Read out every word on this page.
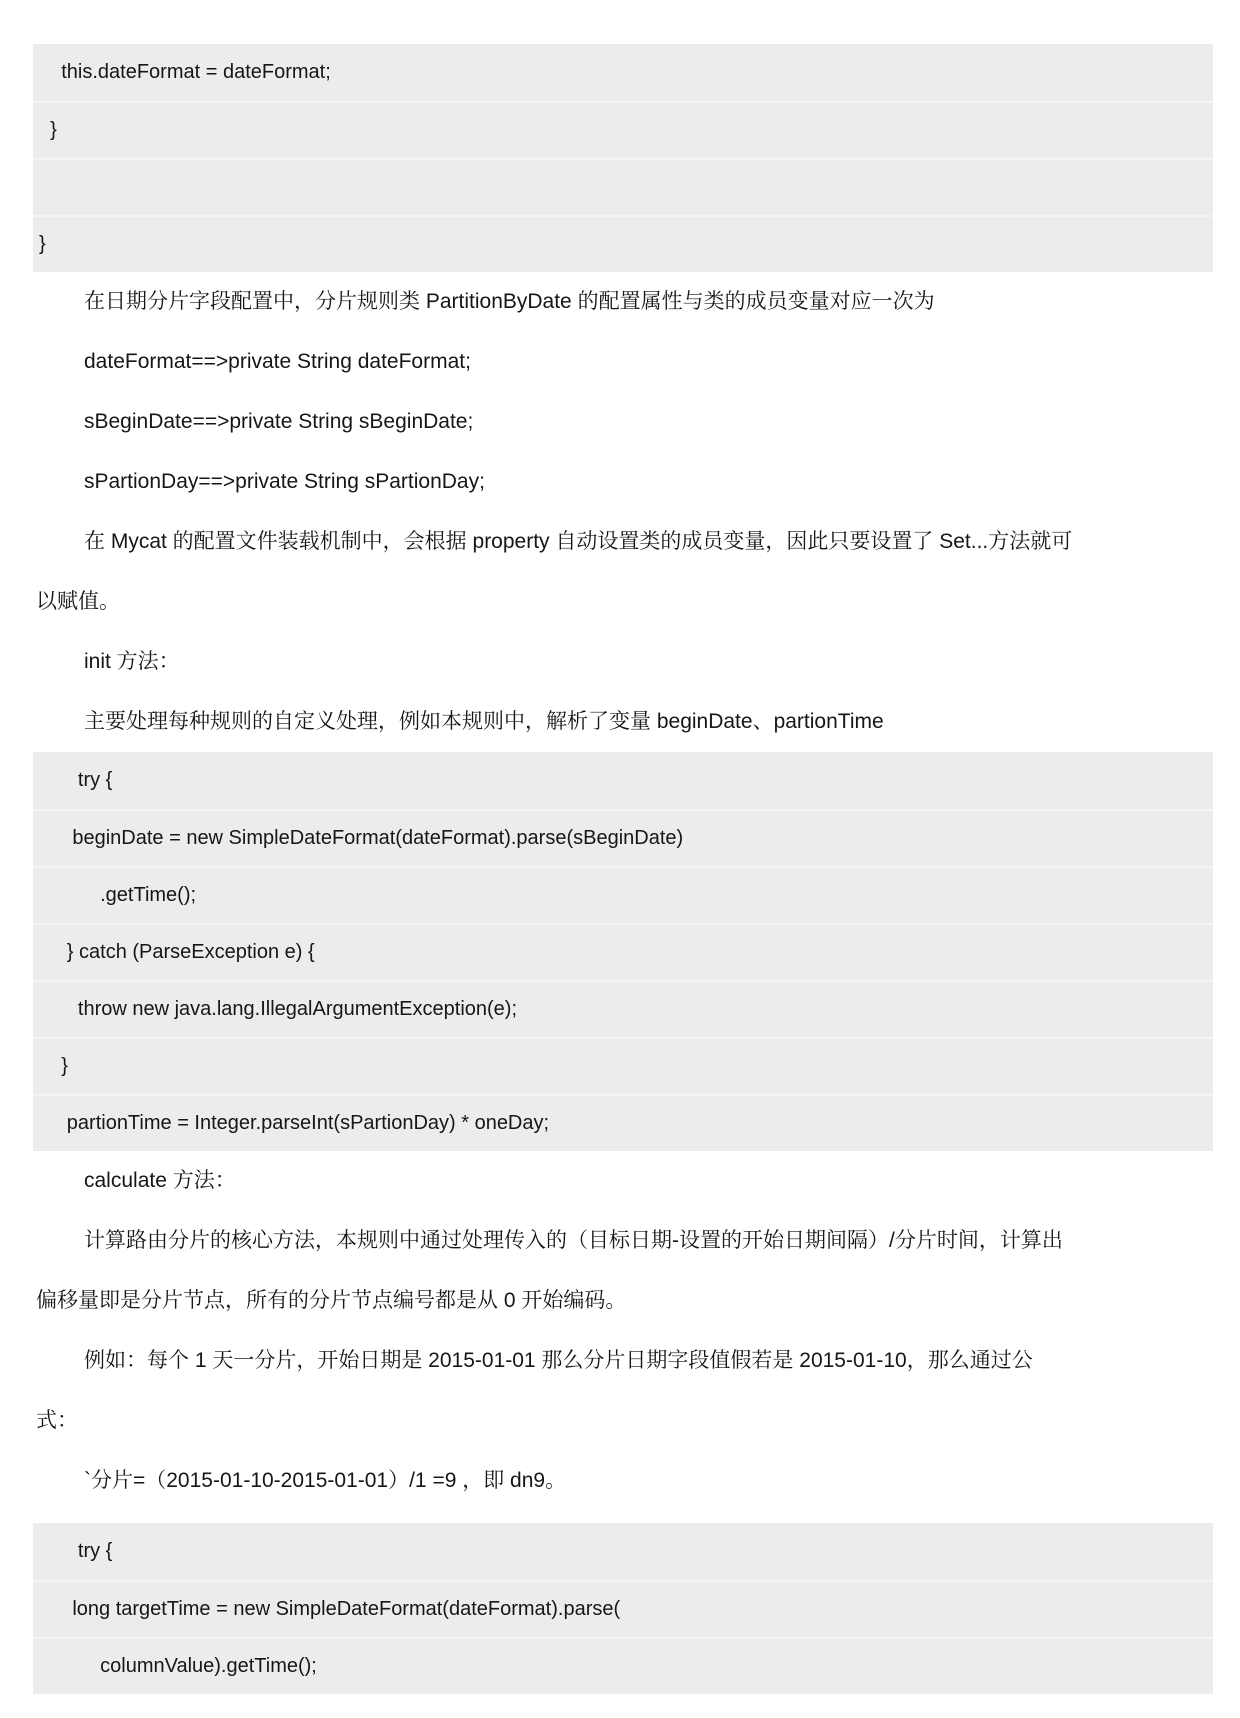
this.dateFormat = dateFormat;
}
}
在日期分片字段配置中，分片规则类 PartitionByDate 的配置属性与类的成员变量对应一次为
dateFormat==>private String dateFormat;
sBeginDate==>private String sBeginDate;
sPartionDay==>private String sPartionDay;
在 Mycat 的配置文件装载机制中，会根据 property 自动设置类的成员变量，因此只要设置了 Set...方法就可
以赋值。
init 方法：
主要处理每种规则的自定义处理，例如本规则中，解析了变量 beginDate、partionTime
try {
beginDate = new SimpleDateFormat(dateFormat).parse(sBeginDate)
.getTime();
} catch (ParseException e) {
throw new java.lang.IllegalArgumentException(e);
}
partionTime = Integer.parseInt(sPartionDay) * oneDay;
calculate 方法：
计算路由分片的核心方法，本规则中通过处理传入的（目标日期-设置的开始日期间隔）/分片时间，计算出
偏移量即是分片节点，所有的分片节点编号都是从 0 开始编码。
例如：每个 1 天一分片，开始日期是 2015-01-01 那么分片日期字段值假若是 2015-01-10，那么通过公
式：
`分片=（2015-01-10-2015-01-01）/1 =9 ，即 dn9。
try {
long targetTime = new SimpleDateFormat(dateFormat).parse(
columnValue).getTime();
